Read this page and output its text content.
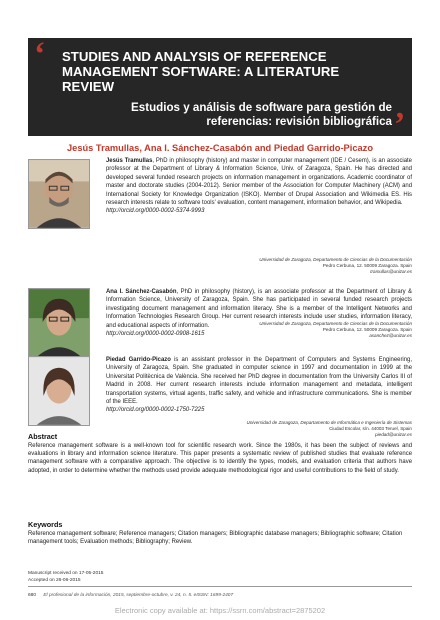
‘ STUDIES AND ANALYSIS OF REFERENCE MANAGEMENT SOFTWARE: A LITERATURE REVIEW
Estudios y análisis de software para gestión de referencias: revisión bibliográfica ’
Jesús Tramullas, Ana I. Sánchez-Casabón and Piedad Garrido-Picazo
Jesús Tramullas, PhD in philosophy (history) and master in computer management (IDE / Cesem), is an associate professor at the Department of Library & Information Science, Univ. of Zaragoza, Spain. He has directed and developed several funded research projects on information management in organizations. Academic coordinator of master and doctorate studies (2004-2012). Senior member of the Association for Computer Machinery (ACM) and International Society for Knowledge Organization (ISKO). Member of Drupal Association and Wikimedia ES. His research interests relate to software tools' evaluation, content management, information behavior, and Wikipedia.
http://orcid.org/0000-0002-5374-9993
Universidad de Zaragoza, Departamento de Ciencias de la Documentación
Pedro Cerbuna, 12. 50009 Zaragoza. Spain
tramullas@unizar.es
Ana I. Sánchez-Casabón, PhD in philosophy (history), is an associate professor at the Department of Library & Information Science, University of Zaragoza, Spain. She has participated in several funded research projects investigating document management and information literacy. She is a member of the Intelligent Networks and Information Technologies Research Group. Her current research interests include user studies, information literacy, and educational aspects of information.
http://orcid.org/0000-0002-0908-1615
Universidad de Zaragoza, Departamento de Ciencias de la Documentación
Pedro Cerbuna, 12. 50009 Zaragoza. Spain
asanchez@unizar.es
Piedad Garrido-Picazo is an assistant professor in the Department of Computers and Systems Engineering, University of Zaragoza, Spain. She graduated in computer science in 1997 and documentation in 1999 at the Universitat Politècnica de València. She received her PhD degree in documentation from the University Carlos III of Madrid in 2008. Her current research interests include information management and metadata, intelligent transportation systems, virtual agents, traffic safety, and vehicle and infrastructure communications. She is member of the IEEE.
http://orcid.org/0000-0002-1750-7225
Universidad de Zaragoza, Departamento de Informática e Ingeniería de Sistemas
Ciudad Escolar, s/n. 44003 Teruel, Spain
piedad@unizar.es
Abstract
Reference management software is a well-known tool for scientific research work. Since the 1980s, it has been the subject of reviews and evaluations in library and information science literature. This paper presents a systematic review of published studies that evaluate reference management software with a comparative approach. The objective is to identify the types, models, and evaluation criteria that authors have adopted, in order to determine whether the methods used provide adequate methodological rigor and useful contributions to the field of study.
Keywords
Reference management software; Reference managers; Citation managers; Bibliographic database managers; Bibliographic software; Citation management tools; Evaluation methods; Bibliography; Review.
Manuscript received on 17-05-2015
Accepted on 26-06-2015
680 El profesional de la información, 2015, septiembre-octubre, v. 24, n. 5. eISSN: 1699-2407
Electronic copy available at: https://ssrn.com/abstract=2875202
